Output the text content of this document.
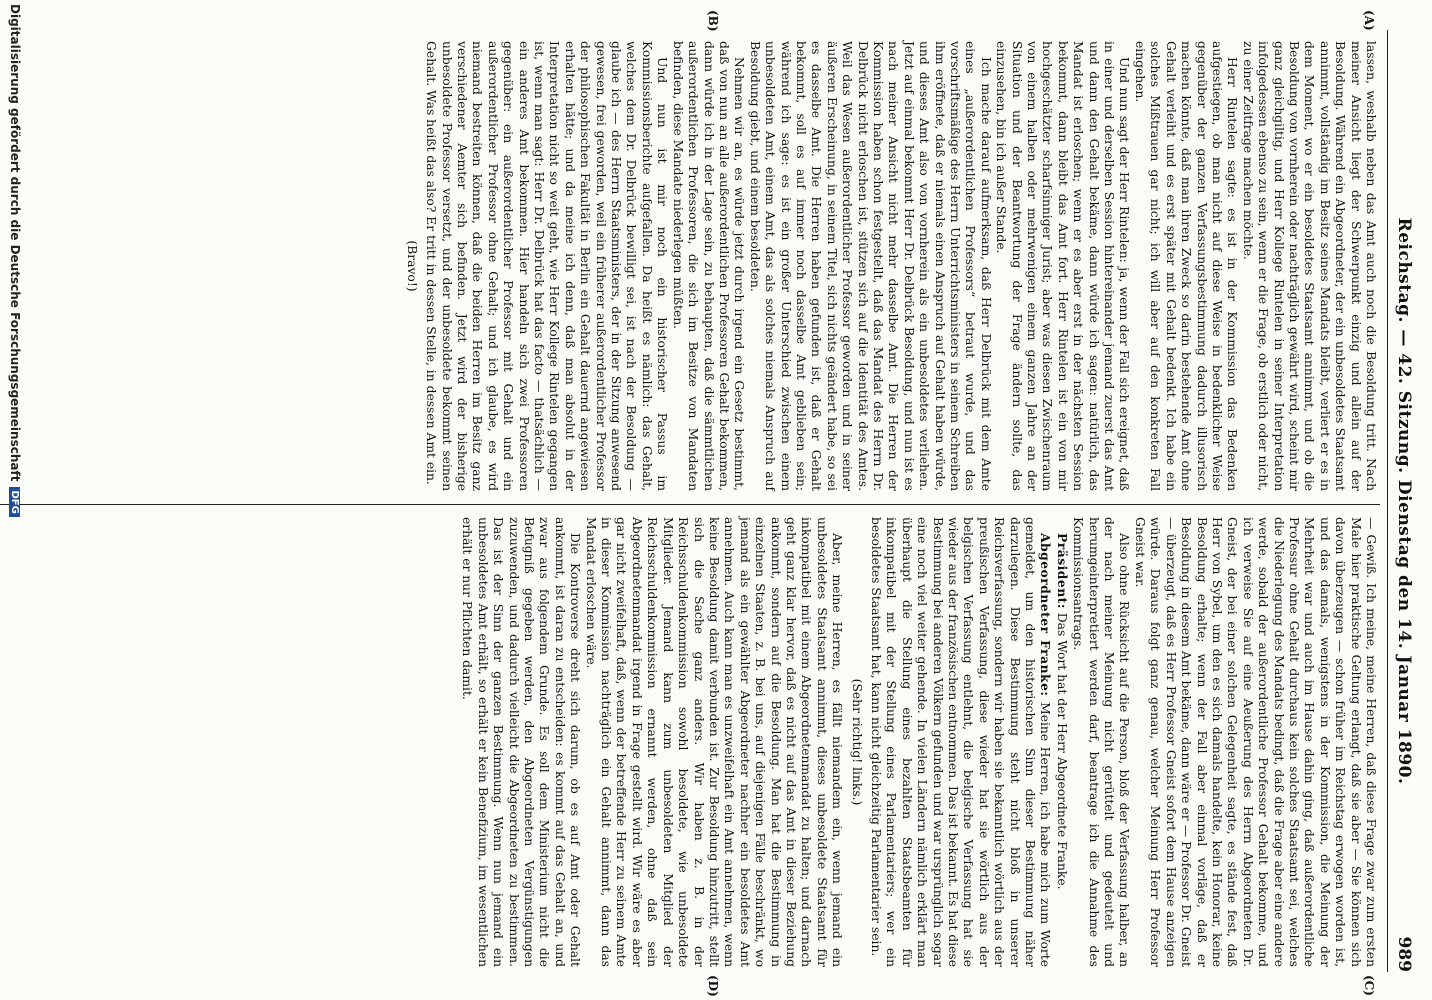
Reichstag. — 42. Sitzung. Dienstag den 14. Januar 1890.
989
(A)
(B)
(C)
(D)

lassen, weshalb neben das Amt auch noch die Besoldung tritt. Nach meiner Ansicht liegt der Schwerpunkt einzig und allein auf der Besoldung. Während ein Abgeordneter, der ein unbesoldetes Staatsamt annimmt, vollständig im Besitz seines Mandats bleibt, verliert er es in dem Moment, wo er ein besoldetes Staatsamt annimmt, und ob die Besoldung von vornherein oder nachträglich gewährt wird, scheint mir ganz gleichgiltig, und Herr Kollege Rintelen in seiner Interpretation infolgedessen ebenso zu sein, wenn er die Frage, ob erstlich oder nicht, zu einer Zeitfrage machen möchte.

Herr Rintelen sagte: es ist in der Kommission das Bedenken aufgestiegen, ob man nicht auf diese Weise in bedenklicher Weise gegenüber der ganzen Verfassungsbestimmung dadurch illusorisch machen könnte, daß man ihren Zweck so darin bestehende Amt ohne Gehalt verleiht und es erst später mit Gehalt bedenkt. Ich habe ein solches Mißtrauen gar nicht; ich will aber auf den konkreten Fall eingehen.

Und nun sagt der Herr Rintelen: ja, wenn der Fall sich ereignet, daß in einer und derselben Session hintereinander jemand zuerst das Amt und dann den Gehalt bekäme, dann würde ich sagen: natürlich, das Mandat ist erloschen; wenn er es aber erst in der nächsten Session bekommt, dann bleibt das Amt fort. Herr Rintelen ist ein von mir hochgeschätzter scharfsinniger Jurist; aber was diesen Zwischenraum von einem halben oder mehrwenigen einem ganzen Jahre an der Situation und der Beantwortung der Frage ändern sollte, das einzusehen, bin ich außer Stande.

Ich mache darauf aufmerksam, daß Herr Delbrück mit dem Amte eines „außerordentlichen Professors“ betraut wurde, und das vorschriftsmäßige des Herrn Unterrichtsministers in seinem Schreiben ihm eröffnete, daß er niemals einen Anspruch auf Gehalt haben würde, und dieses Amt also von vornherein als ein unbesoldetes verliehen. Jetzt auf einmal bekommt Herr Dr. Delbrück Besoldung, und nun ist es nach meiner Ansicht nicht mehr dasselbe Amt. Die Herren der Kommission haben schon festgestellt, daß das Mandat des Herrn Dr. Delbrück nicht erloschen ist, stützen sich auf die Identität des Amtes. Weil das Wesen außerordentlicher Professor geworden und in seiner äußeren Erscheinung, in seinem Titel, sich nichts geändert habe, so sei es dasselbe Amt. Die Herren haben gefunden ist, daß er Gehalt bekommt, soll es auf immer noch dasselbe Amt geblieben sein; während ich sage: es ist ein großer Unterschied zwischen einem unbesoldeten Amt, einem Amt, das als solches niemals Anspruch auf Besoldung giebt, und einem besoldeten.

Nehmen wir an, es würde jetzt durch irgend ein Gesetz bestimmt, daß von nun an alle außerordentlichen Professoren Gehalt bekommen, dann würde ich in der Lage sein, zu behaupten, daß die sämmtlichen außerordentlichen Professoren, die sich im Besitze von Mandaten befinden, diese Mandate niederlegen müßten.

Und nun ist mir noch ein historischer Passus im Kommissionsberichte aufgefallen. Da heißt es nämlich: das Gehalt, welches dem Dr. Delbrück bewilligt sei, ist nach der Besoldung — glaube ich — des Herrn Staatsministers, der in der Sitzung anwesend gewesen, frei geworden, weil ein früherer außerordentlicher Professor der philosophischen Fakultät in Berlin ein Gehalt dauernd angewiesen erhalten hätte; und da meine ich denn, daß man absolut in der Interpretation nicht so weit geht, wie Herr Kollege Rintelen gegangen ist, wenn man sagt: Herr Dr. Delbrück hat das facto — thatsächlich — ein anderes Amt bekommen. Hier handeln sich zwei Professoren gegenüber: ein außerordentlicher Professor mit Gehalt und ein außerordentlicher Professor ohne Gehalt; und ich glaube, es wird niemand bestreiten können, daß die beiden Herren im Besitz ganz verschiedener Aemter sich befinden. Jetzt wird der bisherige unbesoldete Professor versetzt, und der unbesoldete bekommt seinen Gehalt. Was heißt das also? Er tritt in dessen Stelle, in dessen Amt ein.

(Bravo!)

— Gewiß. Ich meine, meine Herren, daß diese Frage zwar zum ersten Male hier praktische Geltung erlangt, daß sie aber — Sie können sich davon überzeugen — schon früher im Reichstag erwogen worden ist, und das damals, wenigstens in der Kommission, die Meinung der Mehrheit war und auch im Hause dahin ging, daß außerordentliche Professur ohne Gehalt durchaus kein solches Staatsamt sei, welches die Niederlegung des Mandats bedingt, daß die Frage aber eine andere werde, sobald der außerordentliche Professor Gehalt bekomme, und ich verweise Sie auf eine Aeußerung des Herrn Abgeordneten Dr. Gneist, der bei einer solchen Gelegenheit sagte, es stände fest, daß Herr von Sybel, um den es sich damals handelte, kein Honorar, keine Besoldung erhalte; wenn der Fall aber einmal vorläge, daß er Besoldung in diesem Amt bekäme, dann wäre er — Professor Dr. Gneist — überzeugt, daß es Herr Professor Gneist sofort dem Hause anzeigen würde. Daraus folgt ganz genau, welcher Meinung Herr Professor Gneist war.

Also ohne Rücksicht auf die Person, bloß der Verfassung halber, an der nach meiner Meinung nicht gerüttelt und gedeutelt und herumgeinterpretiert werden darf, beantrage ich die Annahme des Kommissionsantrags.

Präsident: Das Wort hat der Herr Abgeordnete Franke.

Abgeordneter Franke: Meine Herren, ich habe mich zum Worte gemeldet, um den historischen Sinn dieser Bestimmung näher darzulegen. Diese Bestimmung steht nicht bloß in unserer Reichsverfassung, sondern wir haben sie bekanntlich wörtlich aus der preußischen Verfassung, diese wieder hat sie wörtlich aus der belgischen Verfassung entlehnt, die belgische Verfassung hat sie wieder aus der französischen entnommen. Das ist bekannt. Es hat diese Bestimmung bei anderen Völkern gefunden und war ursprünglich sogar eine noch viel weiter gehende. In vielen Ländern nämlich erklärt man überhaupt die Stellung eines bezahlten Staatsbeamten für inkompatibel mit der Stellung eines Parlamentariers; wer ein besoldetes Staatsamt hat, kann nicht gleichzeitig Parlamentarier sein.

(Sehr richtig! links.)

Aber, meine Herren, es fällt niemandem ein, wenn jemand ein unbesoldetes Staatsamt annimmt, dieses unbesoldete Staatsamt für inkompatibel mit einem Abgeordnetenmandat zu halten; und darnach geht ganz klar hervor, daß es nicht auf das Amt in dieser Beziehung ankommt, sondern auf die Besoldung. Man hat die Bestimmung in einzelnen Staaten, z. B. bei uns, auf diejenigen Fälle beschränkt, wo jemand als ein gewählter Abgeordneter nachher ein besoldetes Amt annehmen. Auch kann man es unzweifelhaft ein Amt annehmen, wenn keine Besoldung damit verbunden ist. Zur Besoldung hinzutritt, stellt sich die Sache ganz anders. Wir haben z. B. in der Reichsschuldenkommission sowohl besoldete, wie unbesoldete Mitglieder. Jemand kann zum unbesoldeten Mitglied der Reichsschuldenkommission ernannt werden, ohne daß sein Abgeordnetenmandat irgend in Frage gestellt wird. Wir wäre es aber gar nicht zweifelhaft, daß, wenn der betreffende Herr zu seinem Amte in dieser Kommission nachträglich ein Gehalt annimmt, dann das Mandat erloschen wäre.

Die Kontroverse dreht sich darum, ob es auf Amt oder Gehalt ankommt, ist daran zu entscheiden: es kommt auf das Gehalt an, und zwar aus folgendem Grunde. Es soll dem Ministerium nicht die Befugniß gegeben werden, den Abgeordneten Vergünstigungen zuzuwenden, und dadurch vielleicht die Abgeordneten zu bestimmen. Das ist der Sinn der ganzen Bestimmung. Wenn nun jemand ein unbesoldetes Amt erhält, so erhält er kein Benefizium, im wesentlichen erhält er nur Pflichten damit.

Digitalisierung gefördert durch die Deutsche ForschungsgemeinschaftDFG
